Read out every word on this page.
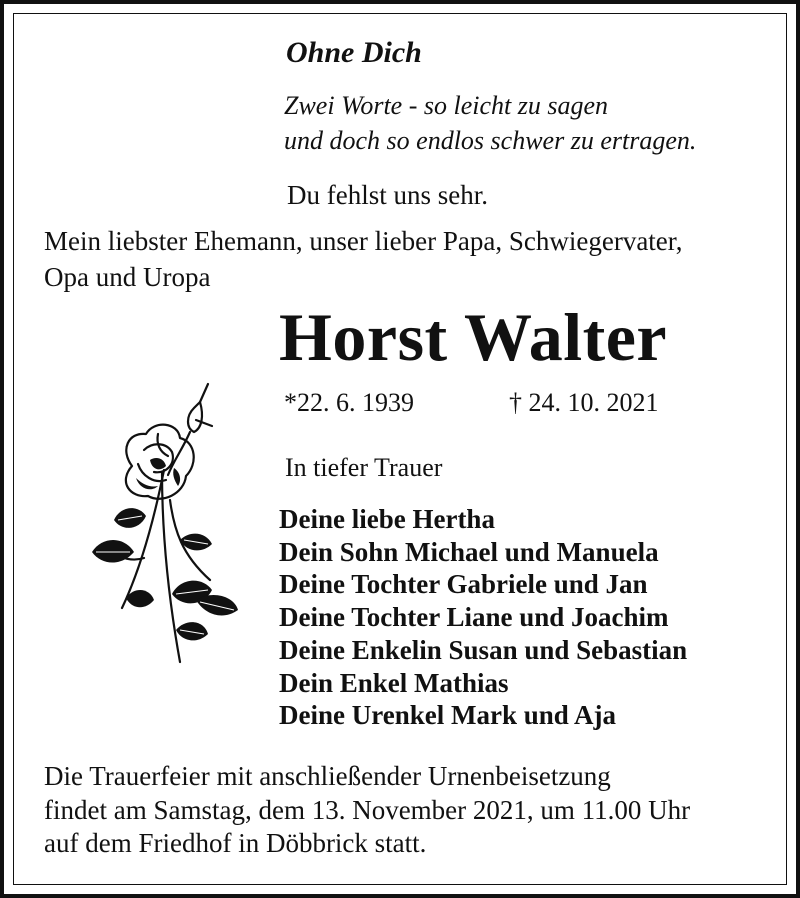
Ohne Dich
Zwei Worte - so leicht zu sagen
und doch so endlos schwer zu ertragen.
Du fehlst uns sehr.
Mein liebster Ehemann, unser lieber Papa, Schwiegervater,
Opa und Uropa
Horst Walter
*22. 6. 1939	† 24. 10. 2021
In tiefer Trauer
Deine liebe Hertha
Dein Sohn Michael und Manuela
Deine Tochter Gabriele und Jan
Deine Tochter Liane und Joachim
Deine Enkelin Susan und Sebastian
Dein Enkel Mathias
Deine Urenkel Mark und Aja
Die Trauerfeier mit anschließender Urnenbeisetzung
findet am Samstag, dem 13. November 2021, um 11.00 Uhr
auf dem Friedhof in Döbbrick statt.
